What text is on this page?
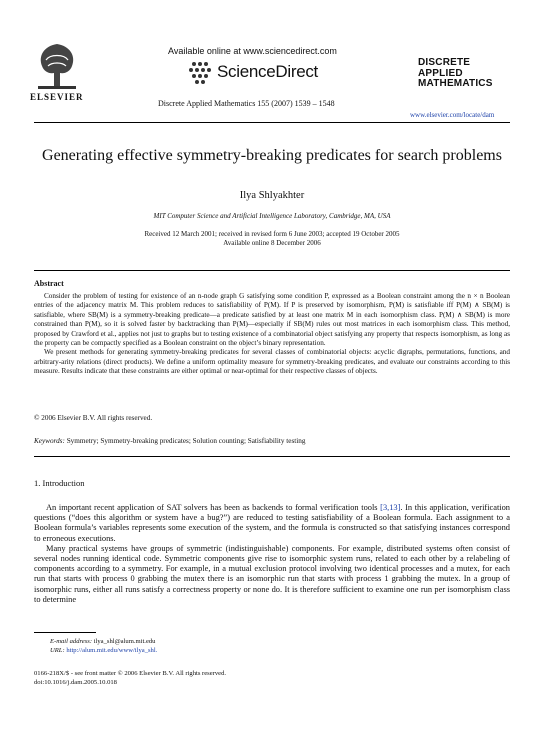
ELSEVIER
Available online at www.sciencedirect.com
ScienceDirect
Discrete Applied Mathematics 155 (2007) 1539 – 1548
DISCRETE
APPLIED
MATHEMATICS
www.elsevier.com/locate/dam
Generating effective symmetry-breaking predicates for search problems
Ilya Shlyakhter
MIT Computer Science and Artificial Intelligence Laboratory, Cambridge, MA, USA
Received 12 March 2001; received in revised form 6 June 2003; accepted 19 October 2005
Available online 8 December 2006
Abstract

Consider the problem of testing for existence of an n-node graph G satisfying some condition P, expressed as a Boolean constraint among the n × n Boolean entries of the adjacency matrix M. This problem reduces to satisfiability of P(M). If P is preserved by isomorphism, P(M) is satisfiable iff P(M) ∧ SB(M) is satisfiable, where SB(M) is a symmetry-breaking predicate—a predicate satisfied by at least one matrix M in each isomorphism class. P(M) ∧ SB(M) is more constrained than P(M), so it is solved faster by backtracking than P(M)—especially if SB(M) rules out most matrices in each isomorphism class. This method, proposed by Crawford et al., applies not just to graphs but to testing existence of a combinatorial object satisfying any property that respects isomorphism, as long as the property can be compactly specified as a Boolean constraint on the object’s binary representation.

We present methods for generating symmetry-breaking predicates for several classes of combinatorial objects: acyclic digraphs, permutations, functions, and arbitrary-arity relations (direct products). We define a uniform optimality measure for symmetry-breaking predicates, and evaluate our constraints according to this measure. Results indicate that these constraints are either optimal or near-optimal for their respective classes of objects.

© 2006 Elsevier B.V. All rights reserved.
Keywords: Symmetry; Symmetry-breaking predicates; Solution counting; Satisfiability testing
1. Introduction

An important recent application of SAT solvers has been as backends to formal verification tools [3,13]. In this application, verification questions (“does this algorithm or system have a bug?”) are reduced to testing satisfiability of a Boolean formula. Each assignment to a Boolean formula’s variables represents some execution of the system, and the formula is constructed so that satisfying instances correspond to erroneous executions.

Many practical systems have groups of symmetric (indistinguishable) components. For example, distributed systems often consist of several nodes running identical code. Symmetric components give rise to isomorphic system runs, related to each other by a relabeling of components according to a symmetry. For example, in a mutual exclusion protocol involving two identical processes and a mutex, for each run that starts with process 0 grabbing the mutex there is an isomorphic run that starts with process 1 grabbing the mutex. In a group of isomorphic runs, either all runs satisfy a correctness property or none do. It is therefore sufficient to examine one run per isomorphism class to determine

E-mail address: ilya_shl@alum.mit.edu
URL: http://alum.mit.edu/www/ilya_shl.
0166-218X/$ - see front matter © 2006 Elsevier B.V. All rights reserved.
doi:10.1016/j.dam.2005.10.018
